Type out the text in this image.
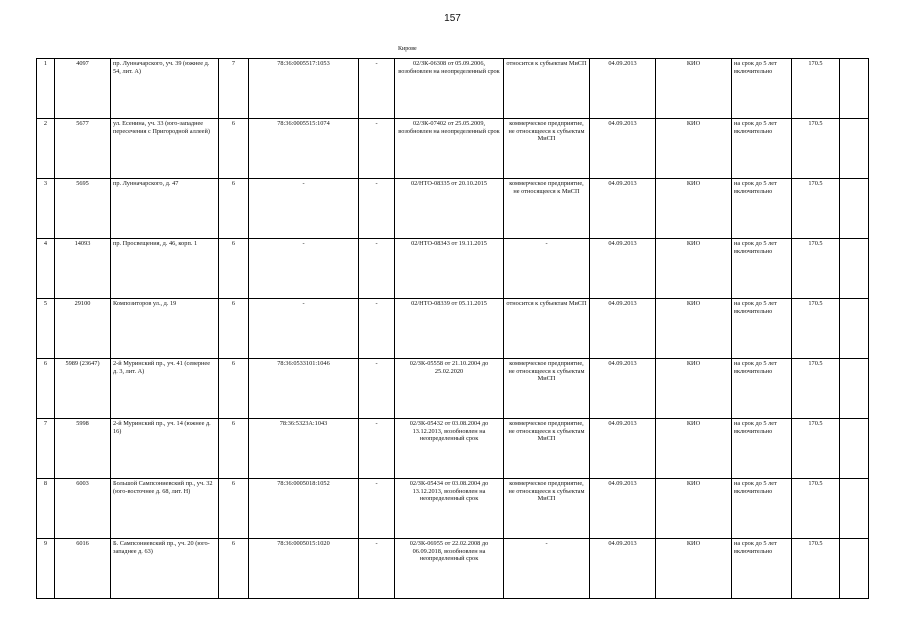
157
Кирове
1	4097	пр. Лунначарского, уч. 39 (южнее д. 54, лит. А)	7	78:36:0005517:1053	-	02/ЗК-06308 от 05.09.2006, возобновлен на неопределенный срок	относится к субъектам МиСП	04.09.2013	КИО	на срок до 5 лет включительно	170.5	
2	5677	ул. Есенина, уч. 33 (юго-западнее пересечения с Пригородной аллеей)	6	78:36:0005515:1074	-	02/ЗК-07402 от 25.05.2009, возобновлен на неопределенный срок	коммерческое предприятие, не относящееся к субъектам МиСП	04.09.2013	КИО	на срок до 5 лет включительно	170.5	
3	5695	пр. Лунначарского, д. 47	6	-	-	02/НТО-08335 от 20.10.2015	коммерческое предприятие, не относящееся к МиСП	04.09.2013	КИО	на срок до 5 лет включительно	170.5	
4	14093	пр. Просвещения, д. 46, корп. 1	6	-	-	02/НТО-08343 от 19.11.2015	-	04.09.2013	КИО	на срок до 5 лет включительно	170.5	
5	29100	Композиторов ул., д. 19	6	-	-	02/НТО-08339 от 05.11.2015	относится к субъектам МиСП	04.09.2013	КИО	на срок до 5 лет включительно	170.5	
6	5989 (23647)	2-й Муринский пр., уч. 41 (севернее д. 3, лит. А)	6	78:36:0533101:1046	-	02/ЗК-05558 от 21.10.2004 до 25.02.2020	коммерческое предприятие, не относящееся к субъектам МиСП	04.09.2013	КИО	на срок до 5 лет включительно	170.5	
7	5998	2-й Муринский пр., уч. 14 (южнее д. 16)	6	78:36:5323А:1043	-	02/ЗК-05432 от 03.08.2004 до 13.12.2013, возобновлен на неопределенный срок	коммерческое предприятие, не относящееся к субъектам МиСП	04.09.2013	КИО	на срок до 5 лет включительно	170.5	
8	6003	Большой Сампсониевский пр., уч. 32 (юго-восточнее д. 68, лит. Н)	6	78:36:0005018:1052	-	02/ЗК-05434 от 03.08.2004 до 13.12.2013, возобновлен на неопределенный срок	коммерческое предприятие, не относящееся к субъектам МиСП	04.09.2013	КИО	на срок до 5 лет включительно	170.5	
9	6016	Б. Сампсониевский пр., уч. 20 (юго-западнее д. 63)	6	78:36:0005015:1020	-	02/ЗК-06955 от 22.02.2008 до 06.09.2018, возобновлен на неопределенный срок	-	04.09.2013	КИО	на срок до 5 лет включительно	170.5	
